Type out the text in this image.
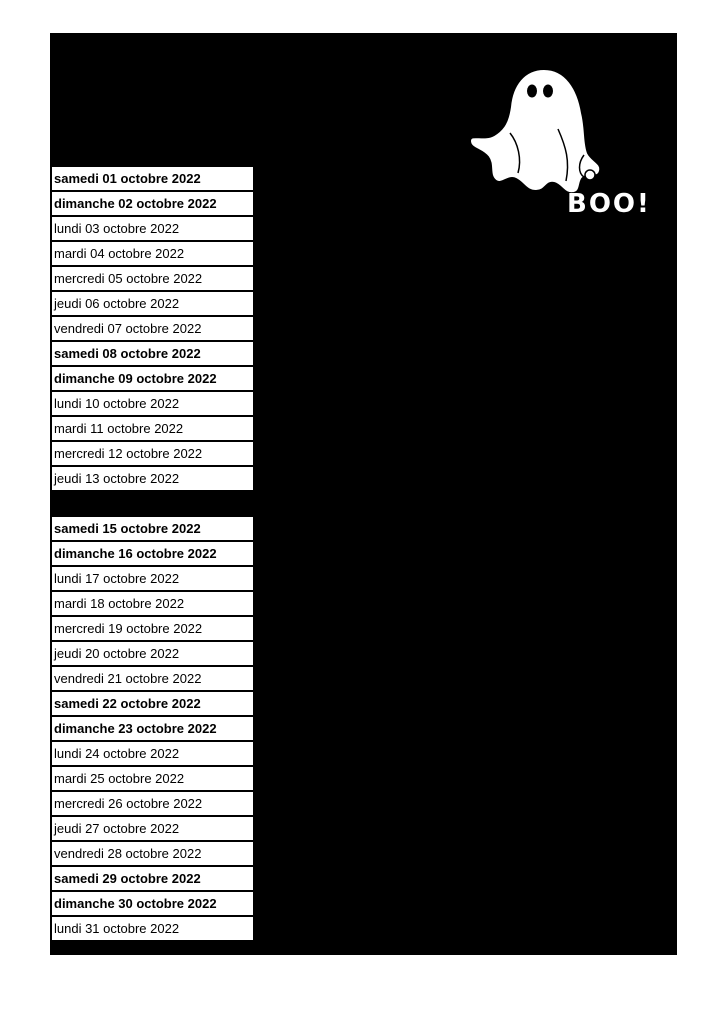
samedi 01 octobre 2022
dimanche 02 octobre 2022
lundi 03 octobre 2022
mardi 04 octobre 2022
mercredi 05 octobre 2022
jeudi 06 octobre 2022
vendredi 07 octobre 2022
samedi 08 octobre 2022
dimanche 09 octobre 2022
lundi 10 octobre 2022
mardi 11 octobre 2022
mercredi 12 octobre 2022
jeudi 13 octobre 2022
samedi 15 octobre 2022
dimanche 16 octobre 2022
lundi 17 octobre 2022
mardi 18 octobre 2022
mercredi 19 octobre 2022
jeudi 20 octobre 2022
vendredi 21 octobre 2022
samedi 22 octobre 2022
dimanche 23 octobre 2022
lundi 24 octobre 2022
mardi 25 octobre 2022
mercredi 26 octobre 2022
jeudi 27 octobre 2022
vendredi 28 octobre 2022
samedi 29 octobre 2022
dimanche 30 octobre 2022
lundi 31 octobre 2022
BOO!
